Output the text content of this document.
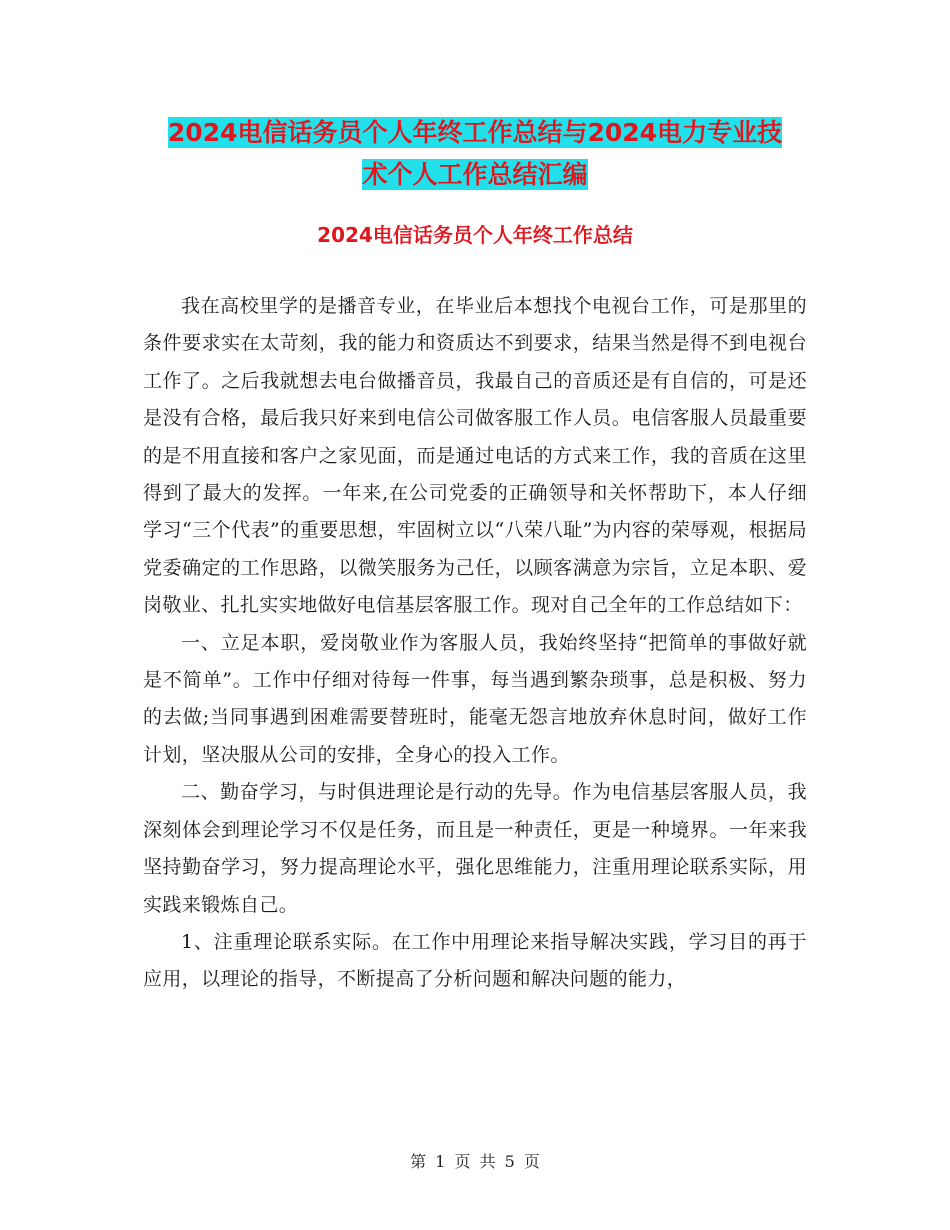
2024电信话务员个人年终工作总结与2024电力专业技
术个人工作总结汇编
2024电信话务员个人年终工作总结

我在高校里学的是播音专业，在毕业后本想找个电视台工作，可是那里的条件要求实在太苛刻，我的能力和资质达不到要求，结果当然是得不到电视台工作了。之后我就想去电台做播音员，我最自己的音质还是有自信的，可是还是没有合格，最后我只好来到电信公司做客服工作人员。电信客服人员最重要的是不用直接和客户之家见面，而是通过电话的方式来工作，我的音质在这里得到了最大的发挥。一年来,在公司党委的正确领导和关怀帮助下，本人仔细学习“三个代表”的重要思想，牢固树立以“八荣八耻”为内容的荣辱观，根据局党委确定的工作思路，以微笑服务为己任，以顾客满意为宗旨，立足本职、爱岗敬业、扎扎实实地做好电信基层客服工作。现对自己全年的工作总结如下：

一、立足本职，爱岗敬业作为客服人员，我始终坚持“把简单的事做好就是不简单”。工作中仔细对待每一件事，每当遇到繁杂琐事，总是积极、努力的去做;当同事遇到困难需要替班时，能毫无怨言地放弃休息时间，做好工作计划，坚决服从公司的安排，全身心的投入工作。

二、勤奋学习，与时俱进理论是行动的先导。作为电信基层客服人员，我深刻体会到理论学习不仅是任务，而且是一种责任，更是一种境界。一年来我坚持勤奋学习，努力提高理论水平，强化思维能力，注重用理论联系实际，用实践来锻炼自己。

1、注重理论联系实际。在工作中用理论来指导解决实践，学习目的再于应用，以理论的指导，不断提高了分析问题和解决问题的能力，

第 1 页 共 5 页
